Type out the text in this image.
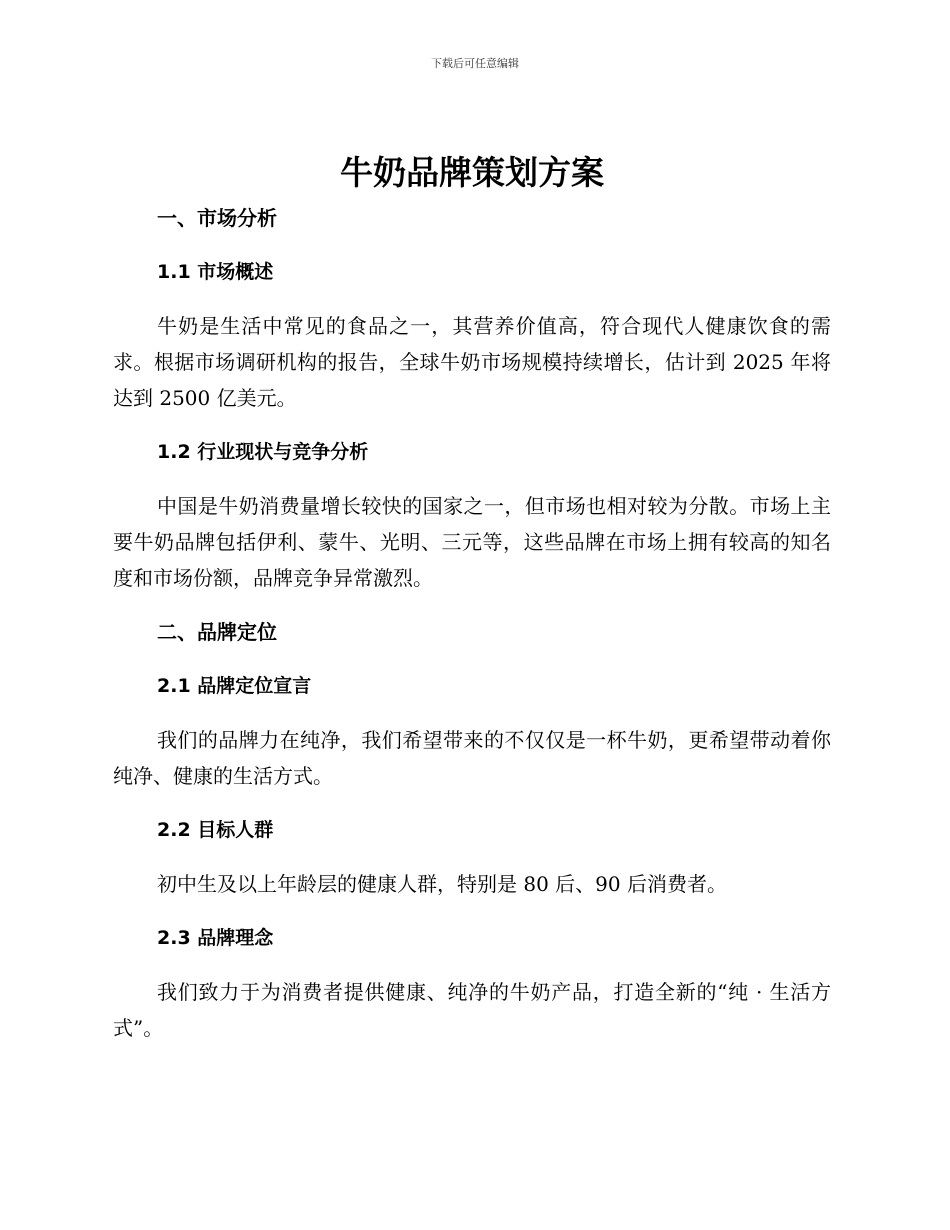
下载后可任意编辑
牛奶品牌策划方案
一、市场分析
1.1 市场概述

牛奶是生活中常见的食品之一，其营养价值高，符合现代人健康饮食的需求。根据市场调研机构的报告，全球牛奶市场规模持续增长，估计到 2025 年将达到 2500 亿美元。

1.2 行业现状与竞争分析

中国是牛奶消费量增长较快的国家之一，但市场也相对较为分散。市场上主要牛奶品牌包括伊利、蒙牛、光明、三元等，这些品牌在市场上拥有较高的知名度和市场份额，品牌竞争异常激烈。

二、品牌定位
2.1 品牌定位宣言

我们的品牌力在纯净，我们希望带来的不仅仅是一杯牛奶，更希望带动着你纯净、健康的生活方式。

2.2 目标人群

初中生及以上年龄层的健康人群，特别是 80 后、90 后消费者。

2.3 品牌理念

我们致力于为消费者提供健康、纯净的牛奶产品，打造全新的“纯 · 生活方式”。
